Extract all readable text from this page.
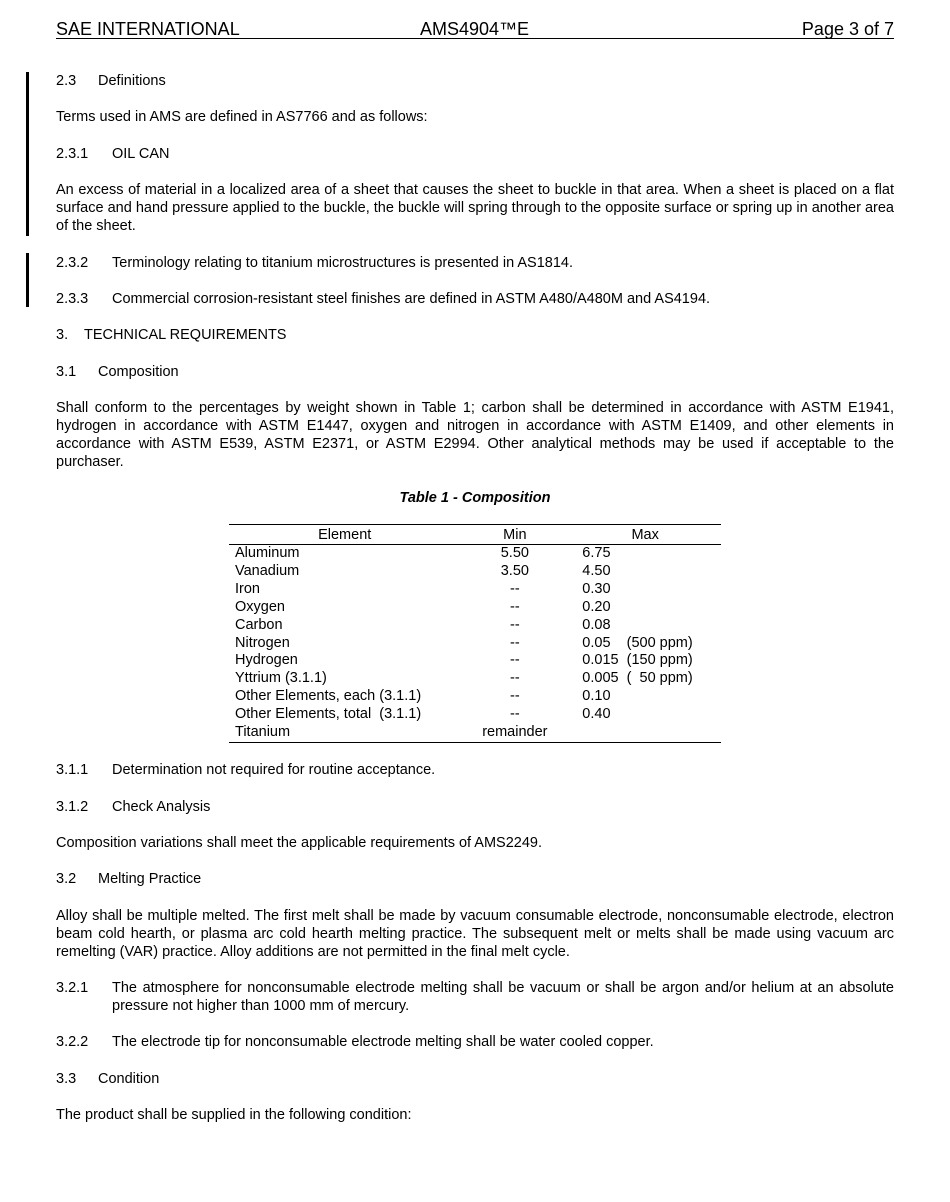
SAE INTERNATIONAL	AMS4904™E	Page 3 of 7
2.3 Definitions
Terms used in AMS are defined in AS7766 and as follows:
2.3.1 OIL CAN
An excess of material in a localized area of a sheet that causes the sheet to buckle in that area. When a sheet is placed on a flat surface and hand pressure applied to the buckle, the buckle will spring through to the opposite surface or spring up in another area of the sheet.
2.3.2 Terminology relating to titanium microstructures is presented in AS1814.
2.3.3 Commercial corrosion-resistant steel finishes are defined in ASTM A480/A480M and AS4194.
3. TECHNICAL REQUIREMENTS
3.1 Composition
Shall conform to the percentages by weight shown in Table 1; carbon shall be determined in accordance with ASTM E1941, hydrogen in accordance with ASTM E1447, oxygen and nitrogen in accordance with ASTM E1409, and other elements in accordance with ASTM E539, ASTM E2371, or ASTM E2994. Other analytical methods may be used if acceptable to the purchaser.
Table 1 - Composition
Element	Min	Max
Aluminum	5.50	6.75
Vanadium	3.50	4.50
Iron	--	0.30
Oxygen	--	0.20
Carbon	--	0.08
Nitrogen	--	0.05    (500 ppm)
Hydrogen	--	0.015  (150 ppm)
Yttrium (3.1.1)	--	0.005  (  50 ppm)
Other Elements, each (3.1.1)	--	0.10
Other Elements, total  (3.1.1)	--	0.40
Titanium	remainder	
3.1.1 Determination not required for routine acceptance.
3.1.2 Check Analysis
Composition variations shall meet the applicable requirements of AMS2249.
3.2 Melting Practice
Alloy shall be multiple melted. The first melt shall be made by vacuum consumable electrode, nonconsumable electrode, electron beam cold hearth, or plasma arc cold hearth melting practice. The subsequent melt or melts shall be made using vacuum arc remelting (VAR) practice. Alloy additions are not permitted in the final melt cycle.
3.2.1 The atmosphere for nonconsumable electrode melting shall be vacuum or shall be argon and/or helium at an absolute pressure not higher than 1000 mm of mercury.
3.2.2 The electrode tip for nonconsumable electrode melting shall be water cooled copper.
3.3 Condition
The product shall be supplied in the following condition:
